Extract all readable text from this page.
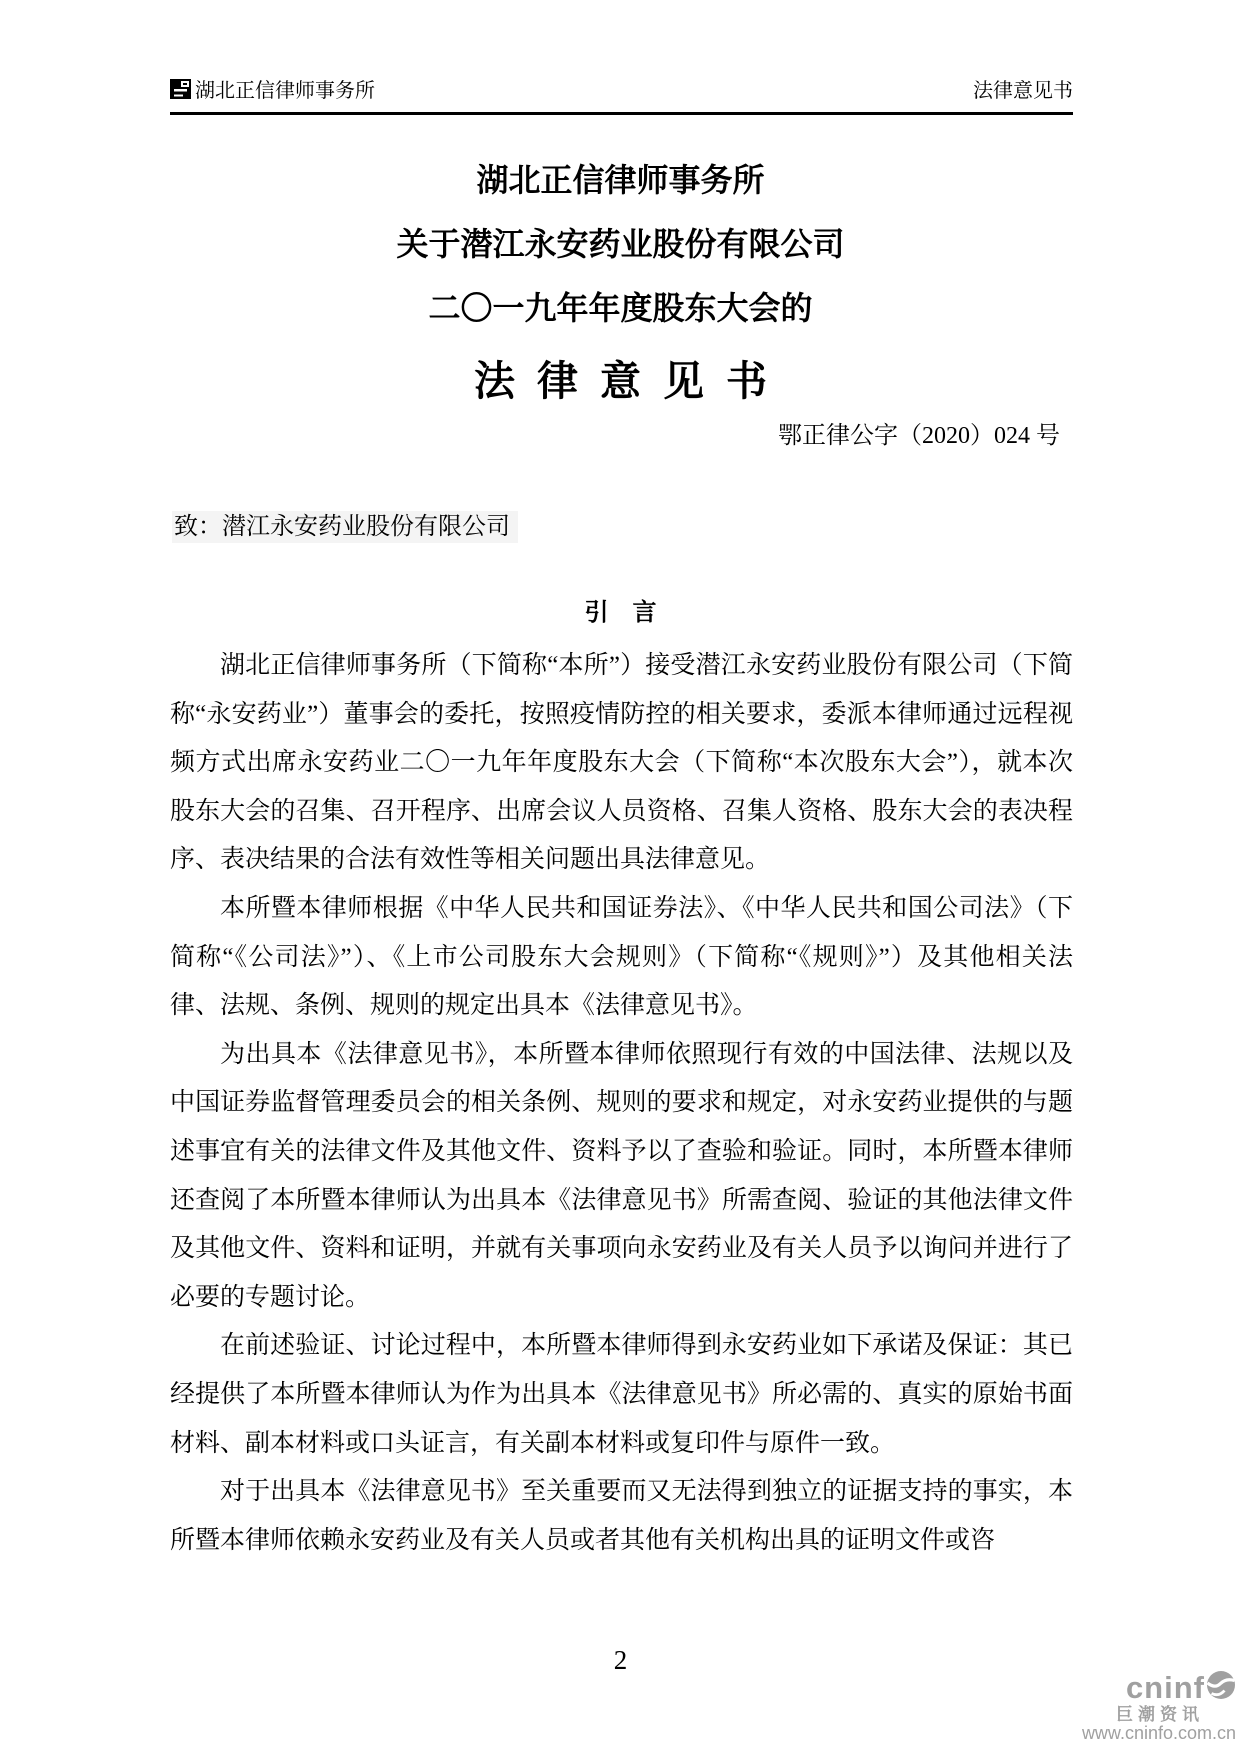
湖北正信律师事务所	法律意见书
湖北正信律师事务所
关于潜江永安药业股份有限公司
二〇一九年年度股东大会的
法律意见书
鄂正律公字（2020）024 号
致：潜江永安药业股份有限公司
引　言

湖北正信律师事务所（下简称“本所”）接受潜江永安药业股份有限公司（下简称“永安药业”）董事会的委托，按照疫情防控的相关要求，委派本律师通过远程视频方式出席永安药业二〇一九年年度股东大会（下简称“本次股东大会”），就本次股东大会的召集、召开程序、出席会议人员资格、召集人资格、股东大会的表决程序、表决结果的合法有效性等相关问题出具法律意见。

本所暨本律师根据《中华人民共和国证券法》、《中华人民共和国公司法》（下简称“《公司法》”）、《上市公司股东大会规则》（下简称“《规则》”）及其他相关法律、法规、条例、规则的规定出具本《法律意见书》。

为出具本《法律意见书》，本所暨本律师依照现行有效的中国法律、法规以及中国证券监督管理委员会的相关条例、规则的要求和规定，对永安药业提供的与题述事宜有关的法律文件及其他文件、资料予以了查验和验证。同时，本所暨本律师还查阅了本所暨本律师认为出具本《法律意见书》所需查阅、验证的其他法律文件及其他文件、资料和证明，并就有关事项向永安药业及有关人员予以询问并进行了必要的专题讨论。

在前述验证、讨论过程中，本所暨本律师得到永安药业如下承诺及保证：其已经提供了本所暨本律师认为作为出具本《法律意见书》所必需的、真实的原始书面材料、副本材料或口头证言，有关副本材料或复印件与原件一致。

对于出具本《法律意见书》至关重要而又无法得到独立的证据支持的事实，本所暨本律师依赖永安药业及有关人员或者其他有关机构出具的证明文件或咨

2
cninf
巨潮资讯
www.cninfo.com.cn
